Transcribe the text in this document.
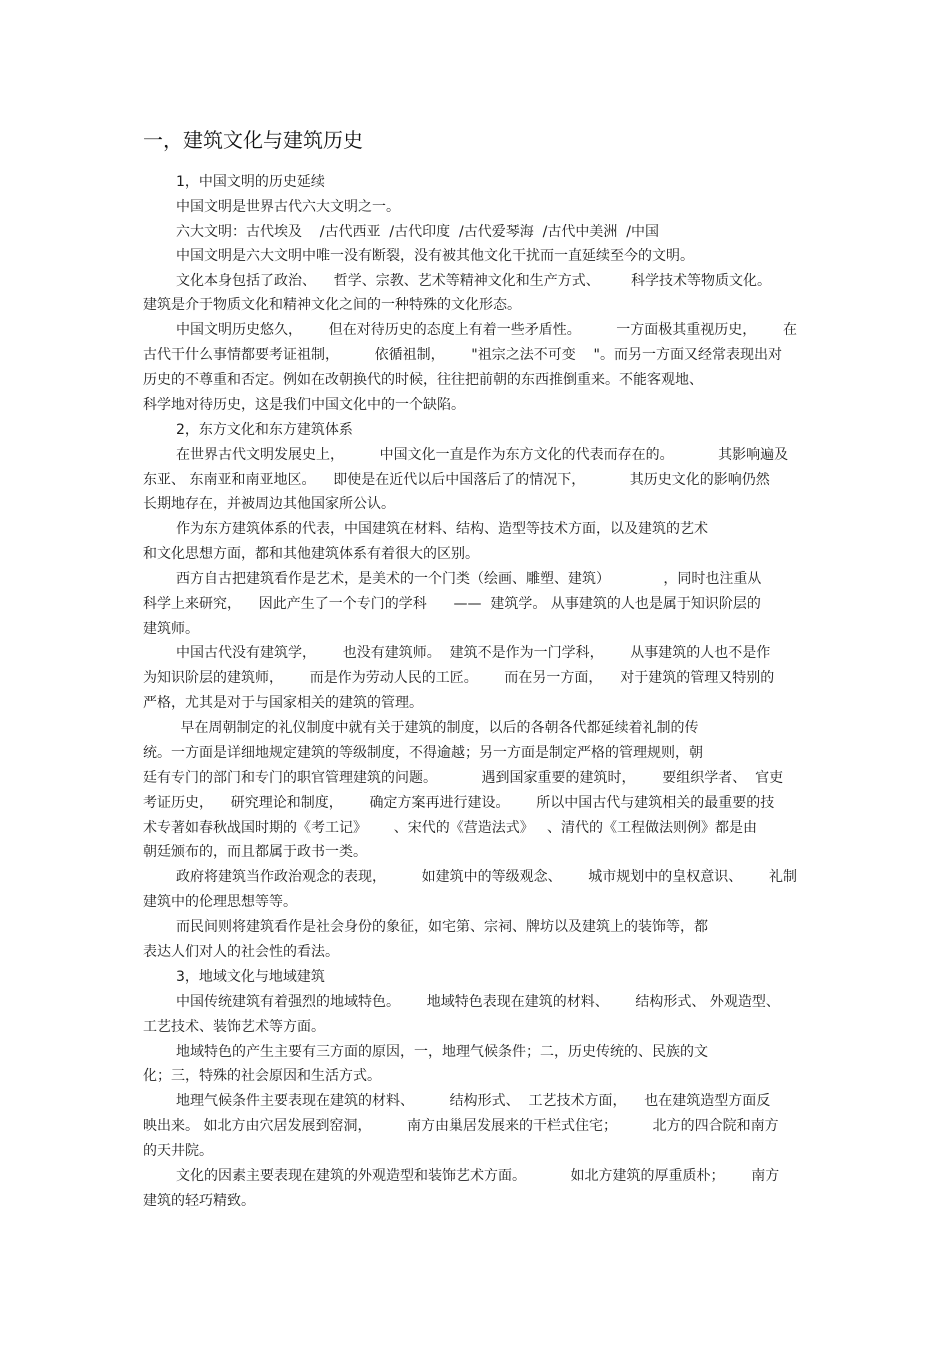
一，建筑文化与建筑历史
1，中国文明的历史延续
中国文明是世界古代六大文明之一。
六大文明：古代埃及    /古代西亚  /古代印度  /古代爱琴海  /古代中美洲  /中国
中国文明是六大文明中唯一没有断裂，没有被其他文化干扰而一直延续至今的文明。
文化本身包括了政治、    哲学、宗教、艺术等精神文化和生产方式、       科学技术等物质文化。
建筑是介于物质文化和精神文化之间的一种特殊的文化形态。
中国文明历史悠久，      但在对待历史的态度上有着一些矛盾性。        一方面极其重视历史，      在
古代干什么事情都要考证祖制，        依循祖制，      "祖宗之法不可变    "。而另一方面又经常表现出对
历史的不尊重和否定。例如在改朝换代的时候，往往把前朝的东西推倒重来。不能客观地、
科学地对待历史，这是我们中国文化中的一个缺陷。
2，东方文化和东方建筑体系
在世界古代文明发展史上，        中国文化一直是作为东方文化的代表而存在的。          其影响遍及
东亚、 东南亚和南亚地区。    即使是在近代以后中国落后了的情况下，          其历史文化的影响仍然
长期地存在，并被周边其他国家所公认。
作为东方建筑体系的代表，中国建筑在材料、结构、造型等技术方面，以及建筑的艺术
和文化思想方面，都和其他建筑体系有着很大的区别。
西方自古把建筑看作是艺术，是美术的一个门类（绘画、雕塑、建筑）            ，同时也注重从
科学上来研究，    因此产生了一个专门的学科      ——  建筑学。 从事建筑的人也是属于知识阶层的
建筑师。
中国古代没有建筑学，      也没有建筑师。  建筑不是作为一门学科，      从事建筑的人也不是作
为知识阶层的建筑师，      而是作为劳动人民的工匠。      而在另一方面，    对于建筑的管理又特别的
严格，尤其是对于与国家相关的建筑的管理。
早在周朝制定的礼仪制度中就有关于建筑的制度，以后的各朝各代都延续着礼制的传
统。一方面是详细地规定建筑的等级制度，不得逾越；另一方面是制定严格的管理规则，朝
廷有专门的部门和专门的职官管理建筑的问题。          遇到国家重要的建筑时，      要组织学者、  官吏
考证历史，    研究理论和制度，      确定方案再进行建设。      所以中国古代与建筑相关的最重要的技
术专著如春秋战国时期的《考工记》      、宋代的《营造法式》   、清代的《工程做法则例》都是由
朝廷颁布的，而且都属于政书一类。
政府将建筑当作政治观念的表现，        如建筑中的等级观念、      城市规划中的皇权意识、      礼制
建筑中的伦理思想等等。
而民间则将建筑看作是社会身份的象征，如宅第、宗祠、牌坊以及建筑上的装饰等，都
表达人们对人的社会性的看法。
3，地域文化与地域建筑
中国传统建筑有着强烈的地域特色。      地域特色表现在建筑的材料、      结构形式、 外观造型、
工艺技术、装饰艺术等方面。
地域特色的产生主要有三方面的原因，一，地理气候条件；二，历史传统的、民族的文
化；三，特殊的社会原因和生活方式。
地理气候条件主要表现在建筑的材料、        结构形式、  工艺技术方面，    也在建筑造型方面反
映出来。 如北方由穴居发展到窑洞，        南方由巢居发展来的干栏式住宅；        北方的四合院和南方
的天井院。
文化的因素主要表现在建筑的外观造型和装饰艺术方面。          如北方建筑的厚重质朴；      南方
建筑的轻巧精致。
